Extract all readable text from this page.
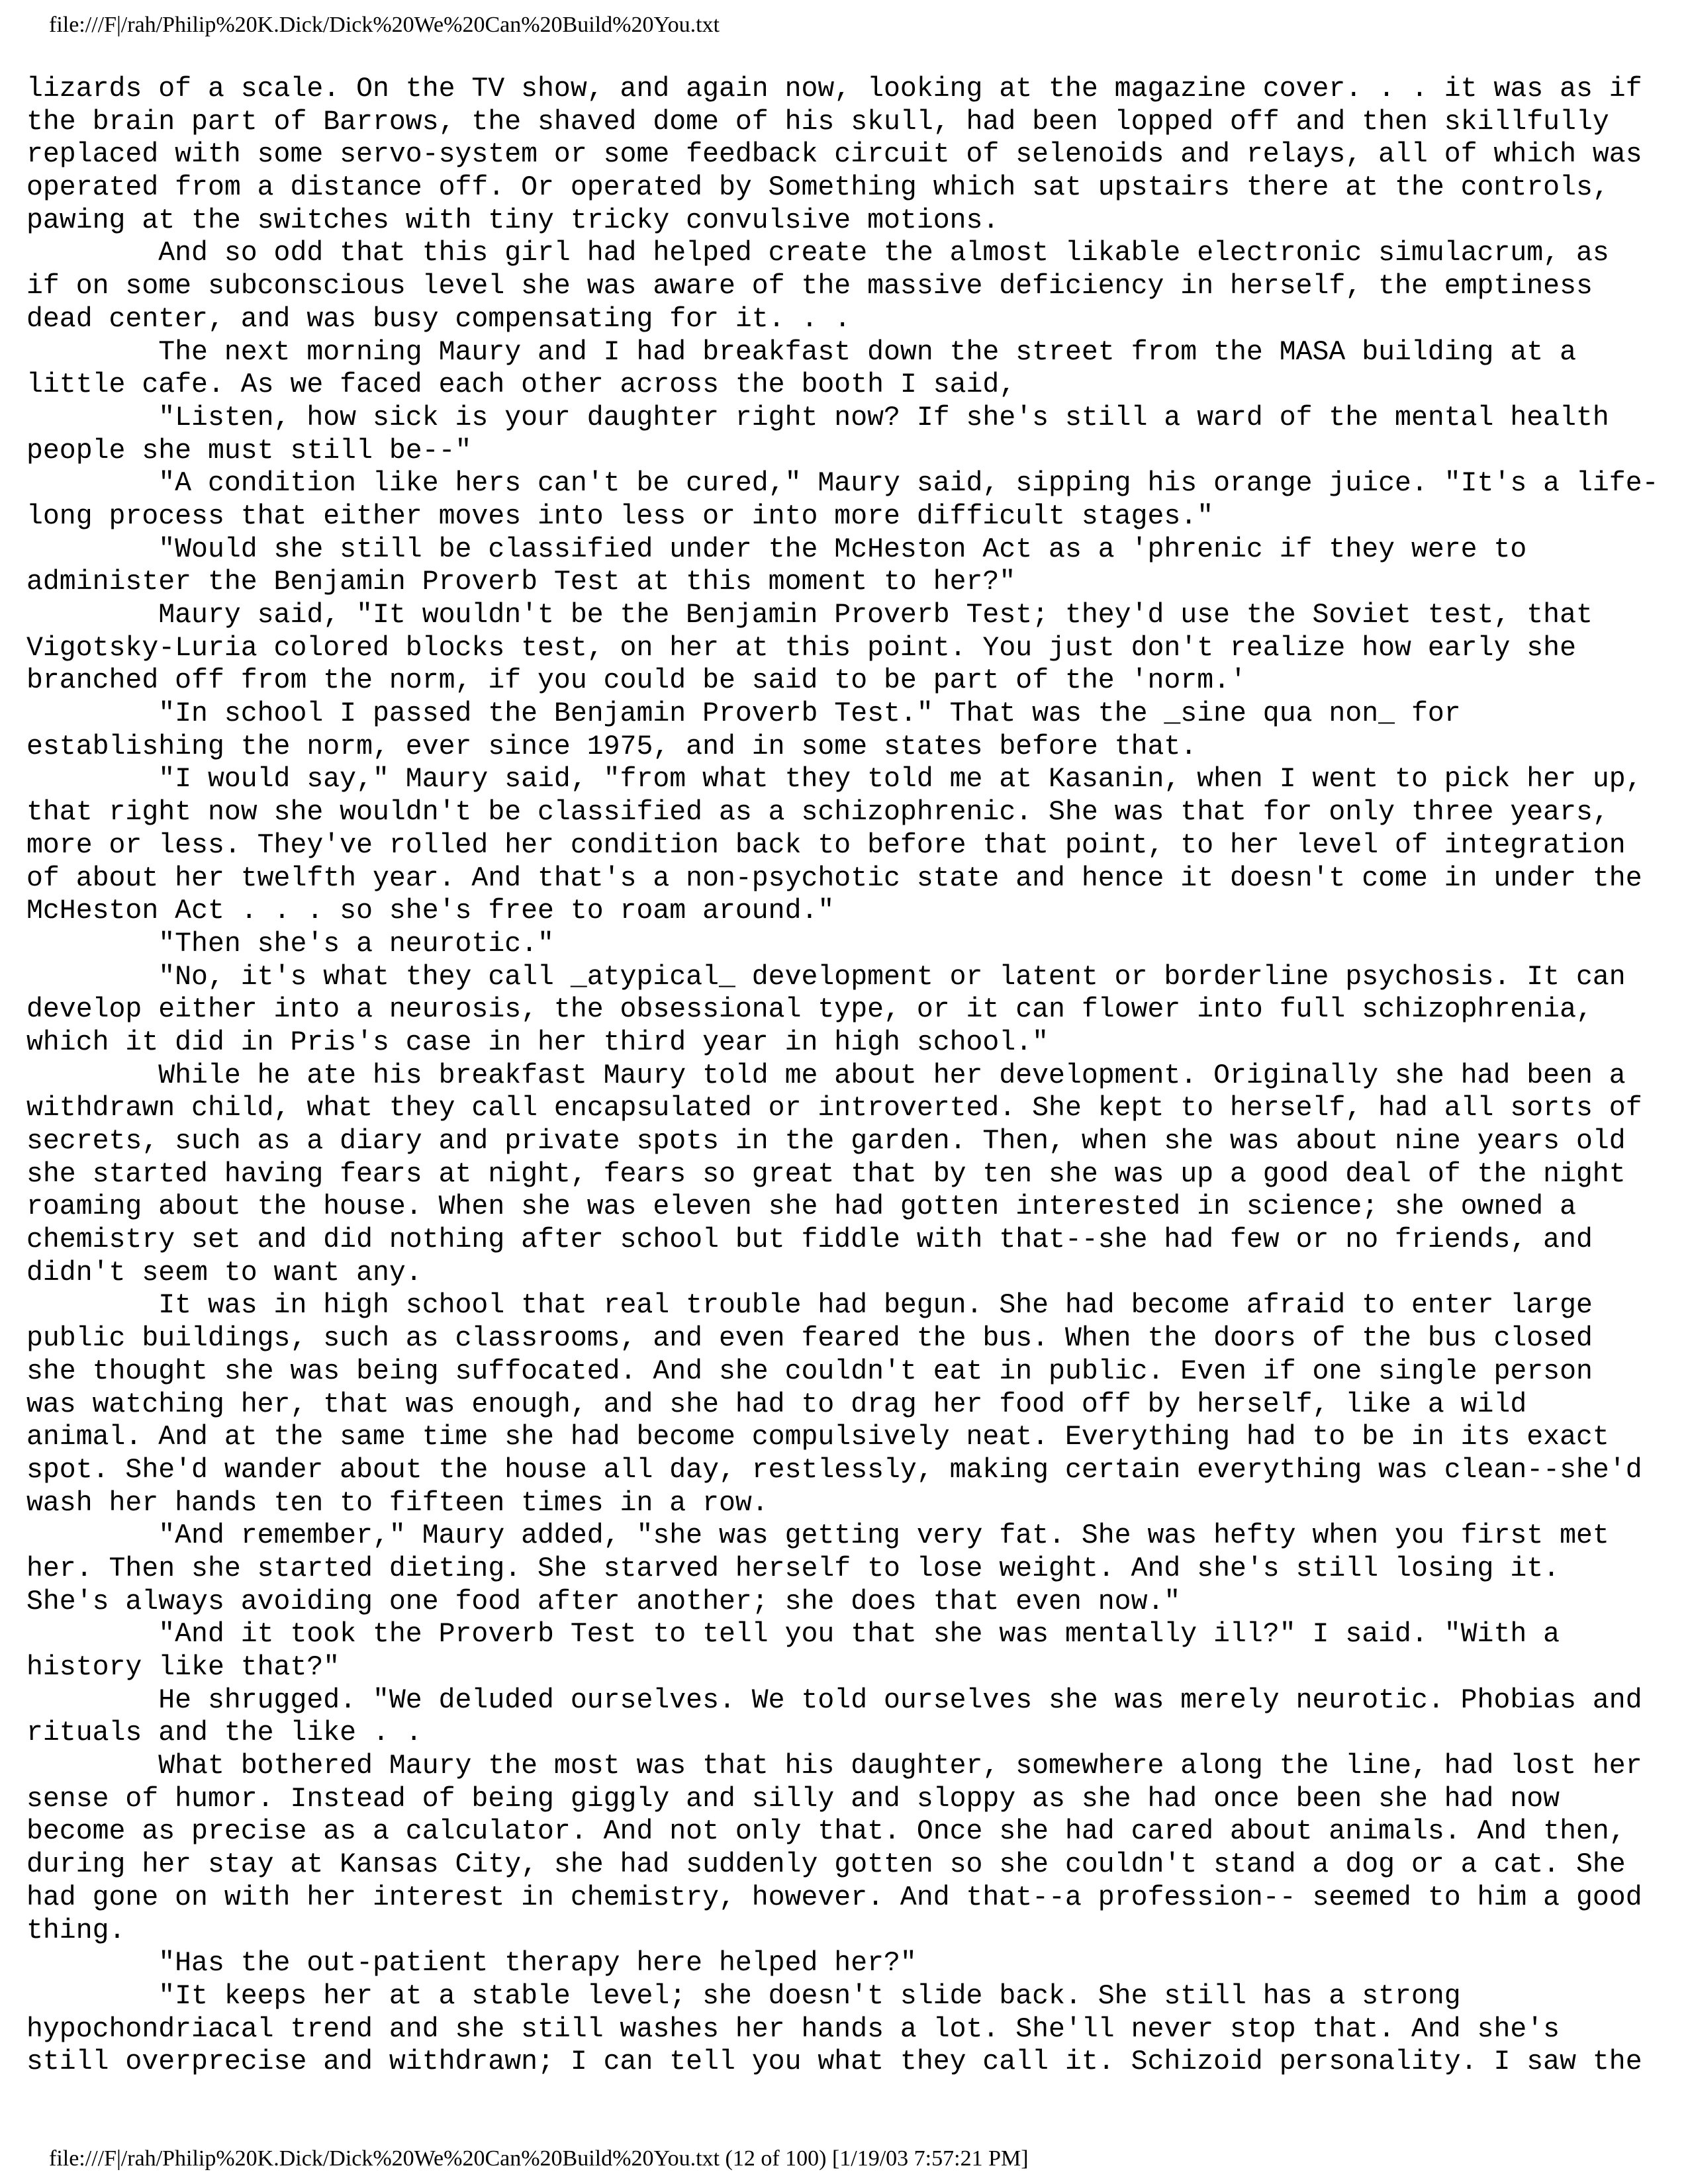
file:///F|/rah/Philip%20K.Dick/Dick%20We%20Can%20Build%20You.txt
lizards of a scale. On the TV show, and again now, looking at the magazine cover. . . it was as if
the brain part of Barrows, the shaved dome of his skull, had been lopped off and then skillfully
replaced with some servo-system or some feedback circuit of selenoids and relays, all of which was
operated from a distance off. Or operated by Something which sat upstairs there at the controls,
pawing at the switches with tiny tricky convulsive motions.
And so odd that this girl had helped create the almost likable electronic simulacrum, as
if on some subconscious level she was aware of the massive deficiency in herself, the emptiness
dead center, and was busy compensating for it. . .
The next morning Maury and I had breakfast down the street from the MASA building at a
little cafe. As we faced each other across the booth I said,
"Listen, how sick is your daughter right now? If she's still a ward of the mental health
people she must still be--"
"A condition like hers can't be cured," Maury said, sipping his orange juice. "It's a life-
long process that either moves into less or into more difficult stages."
"Would she still be classified under the McHeston Act as a 'phrenic if they were to
administer the Benjamin Proverb Test at this moment to her?"
Maury said, "It wouldn't be the Benjamin Proverb Test; they'd use the Soviet test, that
Vigotsky-Luria colored blocks test, on her at this point. You just don't realize how early she
branched off from the norm, if you could be said to be part of the 'norm.'
"In school I passed the Benjamin Proverb Test." That was the _sine qua non_ for
establishing the norm, ever since 1975, and in some states before that.
"I would say," Maury said, "from what they told me at Kasanin, when I went to pick her up,
that right now she wouldn't be classified as a schizophrenic. She was that for only three years,
more or less. They've rolled her condition back to before that point, to her level of integration
of about her twelfth year. And that's a non-psychotic state and hence it doesn't come in under the
McHeston Act . . . so she's free to roam around."
"Then she's a neurotic."
"No, it's what they call _atypical_ development or latent or borderline psychosis. It can
develop either into a neurosis, the obsessional type, or it can flower into full schizophrenia,
which it did in Pris's case in her third year in high school."
While he ate his breakfast Maury told me about her development. Originally she had been a
withdrawn child, what they call encapsulated or introverted. She kept to herself, had all sorts of
secrets, such as a diary and private spots in the garden. Then, when she was about nine years old
she started having fears at night, fears so great that by ten she was up a good deal of the night
roaming about the house. When she was eleven she had gotten interested in science; she owned a
chemistry set and did nothing after school but fiddle with that--she had few or no friends, and
didn't seem to want any.
It was in high school that real trouble had begun. She had become afraid to enter large
public buildings, such as classrooms, and even feared the bus. When the doors of the bus closed
she thought she was being suffocated. And she couldn't eat in public. Even if one single person
was watching her, that was enough, and she had to drag her food off by herself, like a wild
animal. And at the same time she had become compulsively neat. Everything had to be in its exact
spot. She'd wander about the house all day, restlessly, making certain everything was clean--she'd
wash her hands ten to fifteen times in a row.
"And remember," Maury added, "she was getting very fat. She was hefty when you first met
her. Then she started dieting. She starved herself to lose weight. And she's still losing it.
She's always avoiding one food after another; she does that even now."
"And it took the Proverb Test to tell you that she was mentally ill?" I said. "With a
history like that?"
He shrugged. "We deluded ourselves. We told ourselves she was merely neurotic. Phobias and
rituals and the like . .
What bothered Maury the most was that his daughter, somewhere along the line, had lost her
sense of humor. Instead of being giggly and silly and sloppy as she had once been she had now
become as precise as a calculator. And not only that. Once she had cared about animals. And then,
during her stay at Kansas City, she had suddenly gotten so she couldn't stand a dog or a cat. She
had gone on with her interest in chemistry, however. And that--a profession-- seemed to him a good
thing.
"Has the out-patient therapy here helped her?"
"It keeps her at a stable level; she doesn't slide back. She still has a strong
hypochondriacal trend and she still washes her hands a lot. She'll never stop that. And she's
still overprecise and withdrawn; I can tell you what they call it. Schizoid personality. I saw the
file:///F|/rah/Philip%20K.Dick/Dick%20We%20Can%20Build%20You.txt (12 of 100) [1/19/03 7:57:21 PM]
